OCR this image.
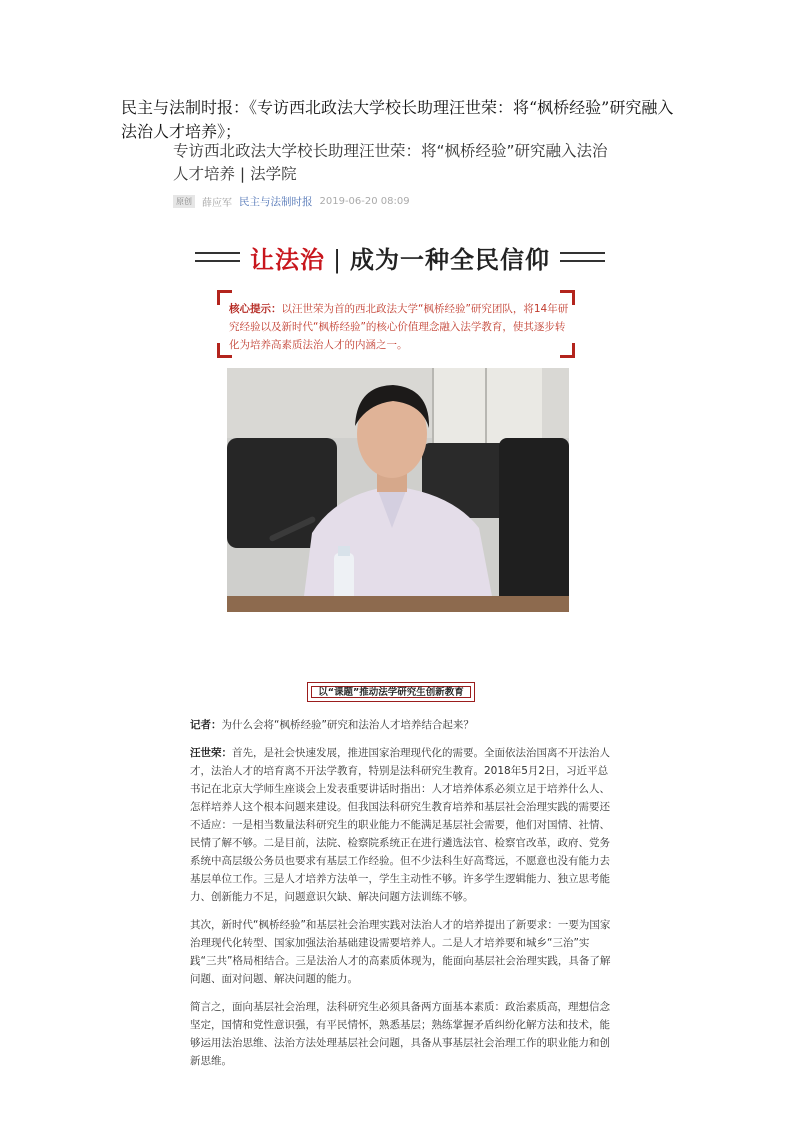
民主与法制时报：《专访西北政法大学校长助理汪世荣：将“枫桥经验”研究融入法治人才培养》；
专访西北政法大学校长助理汪世荣：将“枫桥经验”研究融入法治人才培养 | 法学院
原创	薛应军 民主与法制时报 2019-06-20 08:09
让法治 | 成为一种全民信仰
核心提示：以汪世荣为首的西北政法大学“枫桥经验”研究团队，将14年研究经验以及新时代“枫桥经验”的核心价值理念融入法学教育，使其逐步转化为培养高素质法治人才的内涵之一。
以“课题”推动法学研究生创新教育

记者：为什么会将“枫桥经验”研究和法治人才培养结合起来？

汪世荣：首先，是社会快速发展，推进国家治理现代化的需要。全面依法治国离不开法治人才，法治人才的培育离不开法学教育，特别是法科研究生教育。2018年5月2日，习近平总书记在北京大学师生座谈会上发表重要讲话时指出：人才培养体系必须立足于培养什么人、怎样培养人这个根本问题来建设。但我国法科研究生教育培养和基层社会治理实践的需要还不适应：一是相当数量法科研究生的职业能力不能满足基层社会需要，他们对国情、社情、民情了解不够。二是目前，法院、检察院系统正在进行遴选法官、检察官改革，政府、党务系统中高层级公务员也要求有基层工作经验。但不少法科生好高骛远，不愿意也没有能力去基层单位工作。三是人才培养方法单一，学生主动性不够。许多学生逻辑能力、独立思考能力、创新能力不足，问题意识欠缺、解决问题方法训练不够。

其次，新时代“枫桥经验”和基层社会治理实践对法治人才的培养提出了新要求：一要为国家治理现代化转型、国家加强法治基础建设需要培养人。二是人才培养要和城乡“三治”实践“三共”格局相结合。三是法治人才的高素质体现为，能面向基层社会治理实践，具备了解问题、面对问题、解决问题的能力。

简言之，面向基层社会治理，法科研究生必须具备两方面基本素质：政治素质高，理想信念坚定，国情和党性意识强，有平民情怀，熟悉基层；熟练掌握矛盾纠纷化解方法和技术，能够运用法治思维、法治方法处理基层社会问题，具备从事基层社会治理工作的职业能力和创新思维。
